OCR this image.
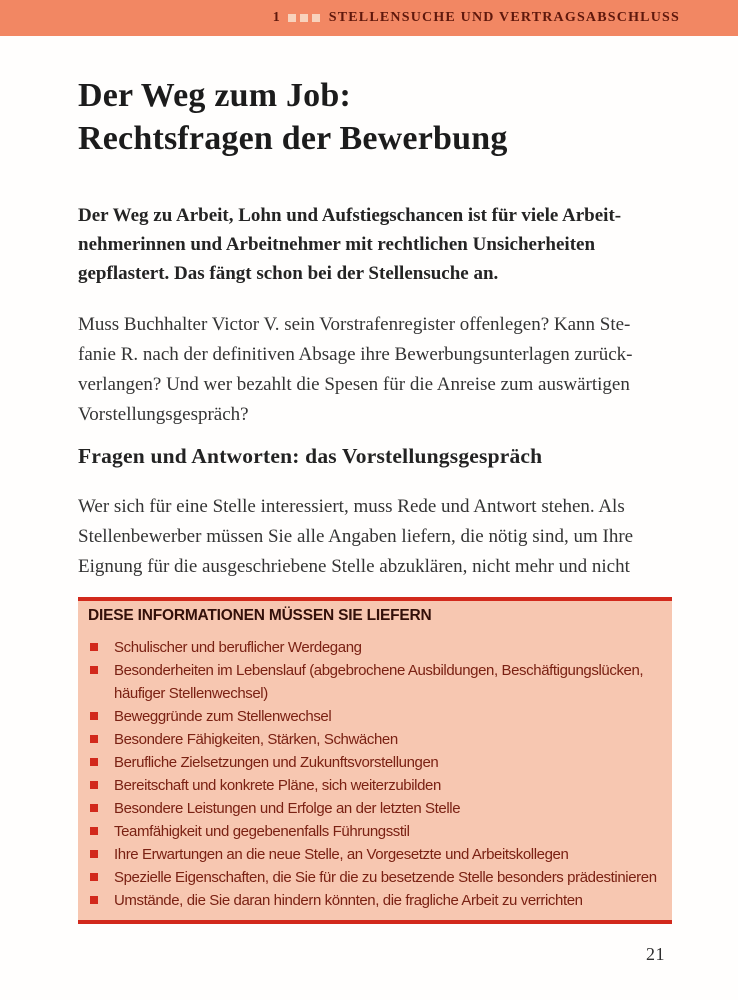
1	STELLENSUCHE UND VERTRAGSABSCHLUSS
Der Weg zum Job:
Rechtsfragen der Bewerbung
Der Weg zu Arbeit, Lohn und Aufstiegschancen ist für viele Arbeit-
nehmerinnen und Arbeitnehmer mit rechtlichen Unsicherheiten
gepflastert. Das fängt schon bei der Stellensuche an.
Muss Buchhalter Victor V. sein Vorstrafenregister offenlegen? Kann Ste-
fanie R. nach der definitiven Absage ihre Bewerbungsunterlagen zurück-
verlangen? Und wer bezahlt die Spesen für die Anreise zum auswärtigen
Vorstellungsgespräch?
Fragen und Antworten: das Vorstellungsgespräch
Wer sich für eine Stelle interessiert, muss Rede und Antwort stehen. Als
Stellenbewerber müssen Sie alle Angaben liefern, die nötig sind, um Ihre
Eignung für die ausgeschriebene Stelle abzuklären, nicht mehr und nicht
DIESE INFORMATIONEN MÜSSEN SIE LIEFERN
Schulischer und beruflicher Werdegang
Besonderheiten im Lebenslauf (abgebrochene Ausbildungen, Beschäftigungslücken, häufiger Stellenwechsel)
Beweggründe zum Stellenwechsel
Besondere Fähigkeiten, Stärken, Schwächen
Berufliche Zielsetzungen und Zukunftsvorstellungen
Bereitschaft und konkrete Pläne, sich weiterzubilden
Besondere Leistungen und Erfolge an der letzten Stelle
Teamfähigkeit und gegebenenfalls Führungsstil
Ihre Erwartungen an die neue Stelle, an Vorgesetzte und Arbeitskollegen
Spezielle Eigenschaften, die Sie für die zu besetzende Stelle besonders prädestinieren
Umstände, die Sie daran hindern könnten, die fragliche Arbeit zu verrichten
21
